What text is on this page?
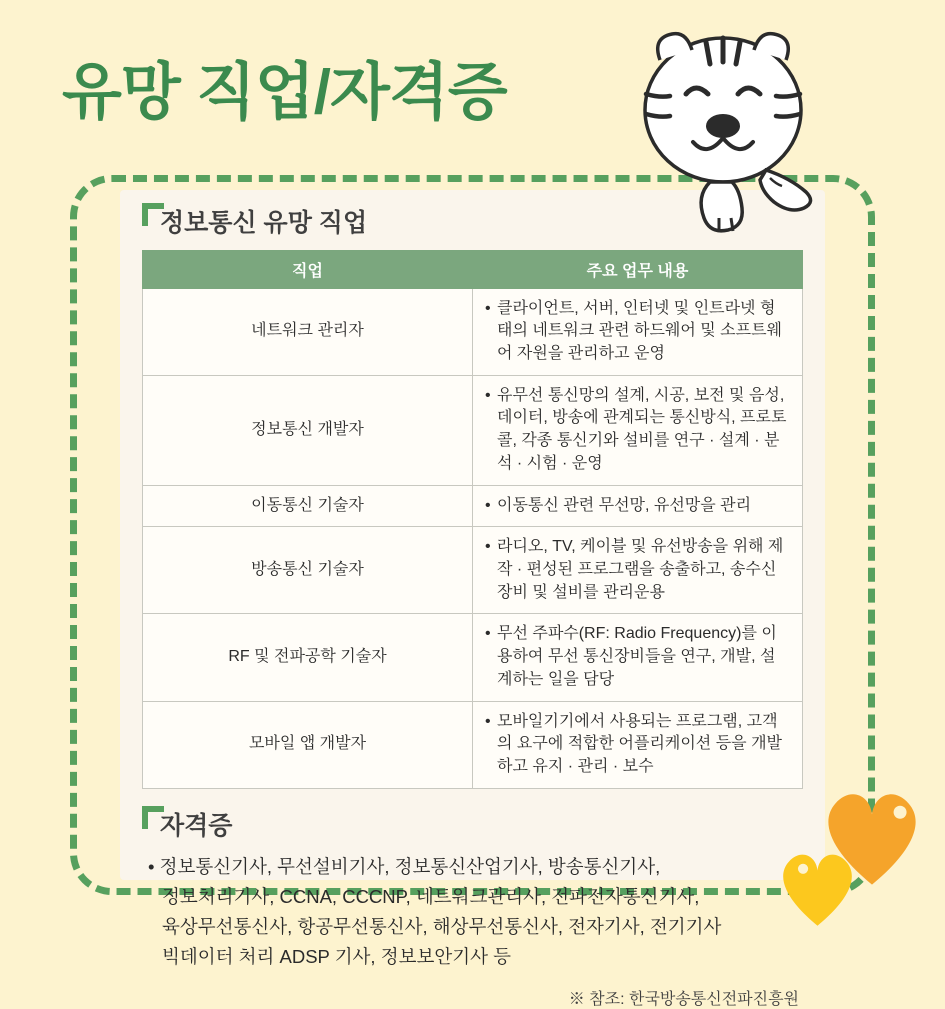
유망 직업/자격증
정보통신 유망 직업
직업	주요 업무 내용
네트워크 관리자	• 클라이언트, 서버, 인터넷 및 인트라넷 형태의 네트워크 관련 하드웨어 및 소프트웨어 자원을 관리하고 운영
정보통신 개발자	• 유무선 통신망의 설계, 시공, 보전 및 음성, 데이터, 방송에 관계되는 통신방식, 프로토콜, 각종 통신기와 설비를 연구 · 설계 · 분석 · 시험 · 운영
이동통신 기술자	• 이동통신 관련 무선망, 유선망을 관리
방송통신 기술자	• 라디오, TV, 케이블 및 유선방송을 위해 제작 · 편성된 프로그램을 송출하고, 송수신 장비 및 설비를 관리운용
RF 및 전파공학 기술자	• 무선 주파수(RF: Radio Frequency)를 이용하여 무선 통신장비들을 연구, 개발, 설계하는 일을 담당
모바일 앱 개발자	• 모바일기기에서 사용되는 프로그램, 고객의 요구에 적합한 어플리케이션 등을 개발하고 유지 · 관리 · 보수
자격증
• 정보통신기사, 무선설비기사, 정보통신산업기사, 방송통신기사,
정보처리기사, CCNA, CCCNP, 네트워크관리사, 전파전자통신기사,
육상무선통신사, 항공무선통신사, 해상무선통신사, 전자기사, 전기기사
빅데이터 처리 ADSP 기사, 정보보안기사 등
※ 참조: 한국방송통신전파진흥원
